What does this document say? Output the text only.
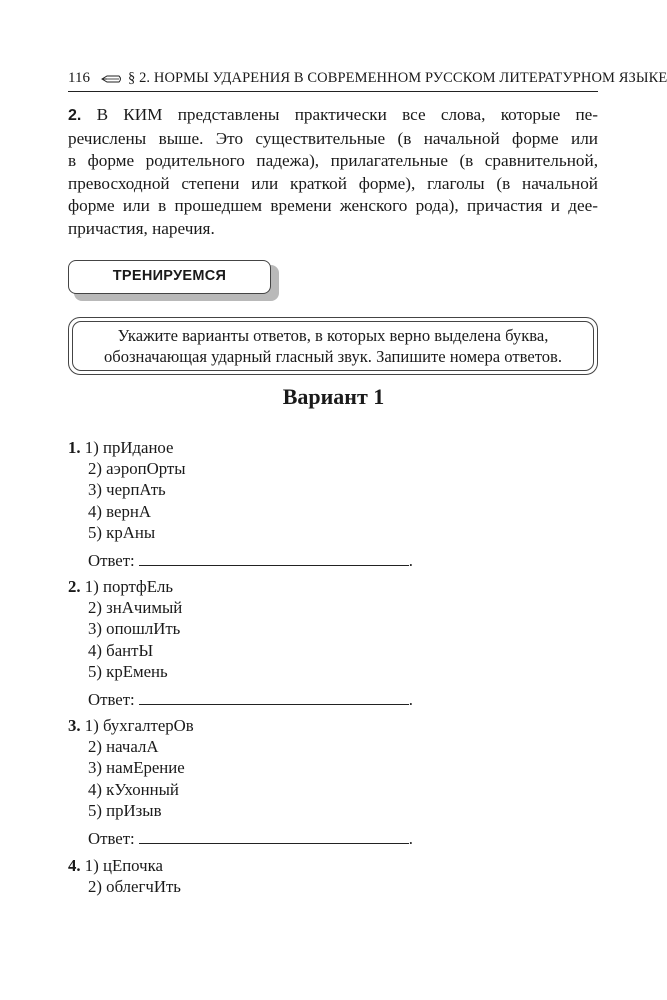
116	§ 2. НОРМЫ УДАРЕНИЯ В СОВРЕМЕННОМ РУССКОМ ЛИТЕРАТУРНОМ ЯЗЫКЕ
2. В КИМ представлены практически все слова, которые пе-
речислены выше. Это существительные (в начальной форме или
в форме родительного падежа), прилагательные (в сравнительной,
превосходной степени или краткой форме), глаголы (в начальной
форме или в прошедшем времени женского рода), причастия и дее-
причастия, наречия.
ТРЕНИРУЕМСЯ
Укажите варианты ответов, в которых верно выделена буква,
обозначающая ударный гласный звук. Запишите номера ответов.
Вариант 1
1. 1) прИданое
2) аэропОрты
3) черпАть
4) вернА
5) крАны
Ответ:	.
2. 1) портфЕль
2) знАчимый
3) опошлИть
4) бантЫ
5) крЕмень
Ответ:	.
3. 1) бухгалтерОв
2) началА
3) намЕрение
4) кУхонный
5) прИзыв
Ответ:	.
4. 1) цЕпочка
2) облегчИть
